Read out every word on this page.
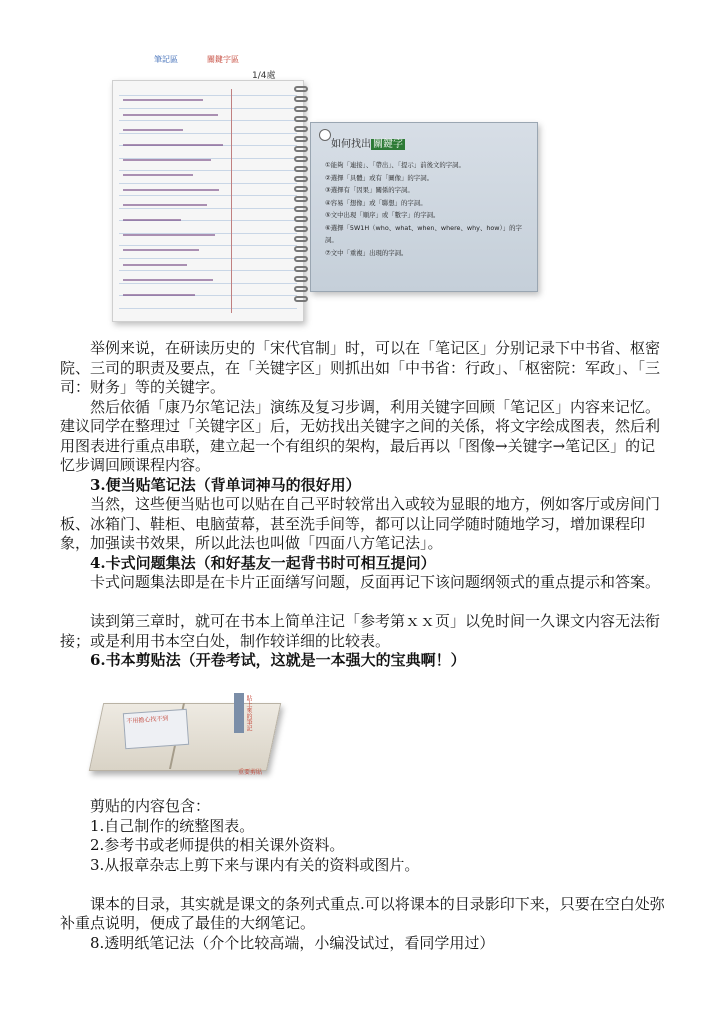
筆記區	關鍵字區
1/4處
如何找出 關鍵字
①能夠「連接」、「帶出」、「提示」前後文的字詞。
②選擇「具體」或有「圖像」的字詞。
③選擇有「因果」關係的字詞。
④容易「想像」或「聯想」的字詞。
⑤文中出現「順序」或「數字」的字詞。
⑥選擇「5W1H（who、what、when、where、why、how）」的字詞。
⑦文中「重複」出現的字詞。

举例来说，在研读历史的「宋代官制」时，可以在「笔记区」分别记录下中书省、枢密院、三司的职责及要点，在「关键字区」则抓出如「中书省：行政」、「枢密院：军政」、「三司：财务」等的关键字。

然后依循「康乃尔笔记法」演练及复习步调，利用关键字回顾「笔记区」内容来记忆。建议同学在整理过「关键字区」后，无妨找出关键字之间的关係，将文字绘成图表，然后利用图表进行重点串联，建立起一个有组织的架构，最后再以「图像→关键字→笔记区」的记忆步调回顾课程内容。

3.便当贴笔记法（背单词神马的很好用）

当然，这些便当贴也可以贴在自己平时较常出入或较为显眼的地方，例如客厅或房间门板、冰箱门、鞋柜、电脑萤幕，甚至洗手间等，都可以让同学随时随地学习，增加课程印象，加强读书效果，所以此法也叫做「四面八方笔记法」。

4.卡式问题集法（和好基友一起背书时可相互提问）

卡式问题集法即是在卡片正面缮写问题，反面再记下该问题纲领式的重点提示和答案。

读到第三章时，就可在书本上简单注记「参考第ｘｘ页」以免时间一久课文内容无法衔接；或是利用书本空白处，制作较详细的比较表。

6.书本剪贴法（开卷考试，这就是一本强大的宝典啊！）

不用擔心找不到	貼上來的筆記
重要剪貼

剪贴的内容包含：

1.自己制作的统整图表。

2.参考书或老师提供的相关课外资料。

3.从报章杂志上剪下来与课内有关的资料或图片。

课本的目录，其实就是课文的条列式重点.可以将课本的目录影印下来，只要在空白处弥补重点说明，便成了最佳的大纲笔记。

8.透明纸笔记法（介个比较高端，小编没试过，看同学用过）
